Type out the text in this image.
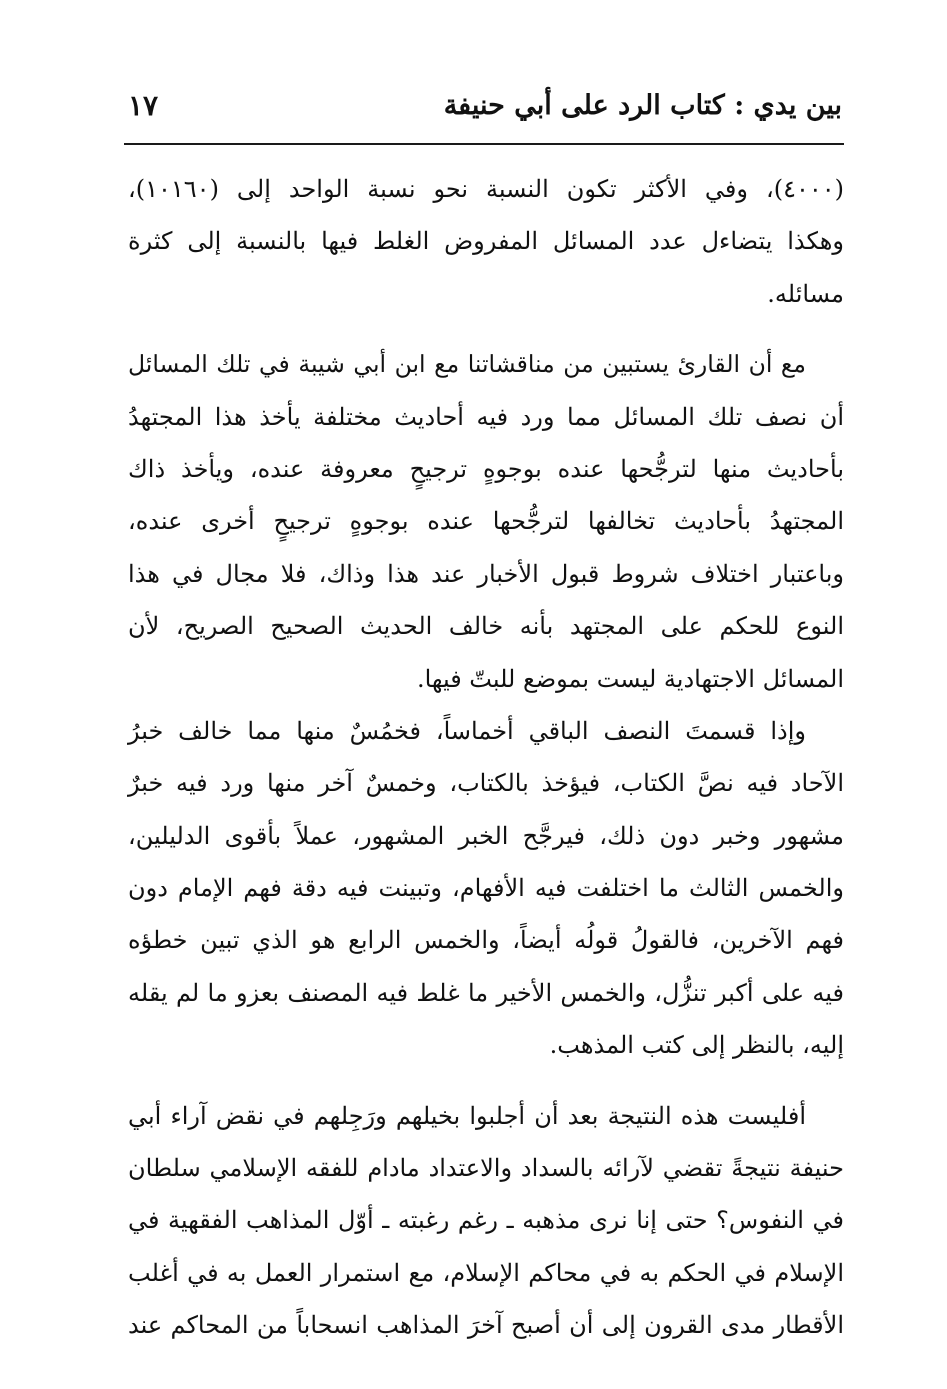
بين يدي : كتاب الرد على أبي حنيفة
١٧
(٤٠٠٠)، وفي الأكثر تكون النسبة نحو نسبة الواحد إلى (١٠١٦٠)،
وهكذا يتضاءل عدد المسائل المفروض الغلط فيها بالنسبة إلى كثرة
مسائله.
مع أن القارئ يستبين من مناقشاتنا مع ابن أبي شيبة في تلك المسائل
أن نصف تلك المسائل مما ورد فيه أحاديث مختلفة يأخذ هذا المجتهدُ
بأحاديث منها لترجُّحها عنده بوجوهٍ ترجيحٍ معروفة عنده، ويأخذ ذاك
المجتهدُ بأحاديث تخالفها لترجُّحها عنده بوجوهٍ ترجيحٍ أخرى عنده،
وباعتبار اختلاف شروط قبول الأخبار عند هذا وذاك، فلا مجال في هذا
النوع للحكم على المجتهد بأنه خالف الحديث الصحيح الصريح، لأن
المسائل الاجتهادية ليست بموضع للبتّ فيها.
وإذا قسمتَ النصف الباقي أخماساً، فخمُسٌ منها مما خالف خبرُ
الآحاد فيه نصَّ الكتاب، فيؤخذ بالكتاب، وخمسٌ آخر منها ورد فيه خبرٌ
مشهور وخبر دون ذلك، فيرجَّح الخبر المشهور، عملاً بأقوى الدليلين،
والخمس الثالث ما اختلفت فيه الأفهام، وتبينت فيه دقة فهم الإمام دون
فهم الآخرين، فالقولُ قولُه أيضاً، والخمس الرابع هو الذي تبين خطؤه
فيه على أكبر تنزُّل، والخمس الأخير ما غلط فيه المصنف بعزو ما لم يقله
إليه، بالنظر إلى كتب المذهب.
أفليست هذه النتيجة بعد أن أجلبوا بخيلهم ورَجِلهم في نقض آراء أبي
حنيفة نتيجةً تقضي لآرائه بالسداد والاعتداد مادام للفقه الإسلامي سلطان
في النفوس؟ حتى إنا نرى مذهبه ـ رغم رغبته ـ أوّل المذاهب الفقهية في
الإسلام في الحكم به في محاكم الإسلام، مع استمرار العمل به في أغلب
الأقطار مدى القرون إلى أن أصبح آخرَ المذاهب انسحاباً من المحاكم عند
